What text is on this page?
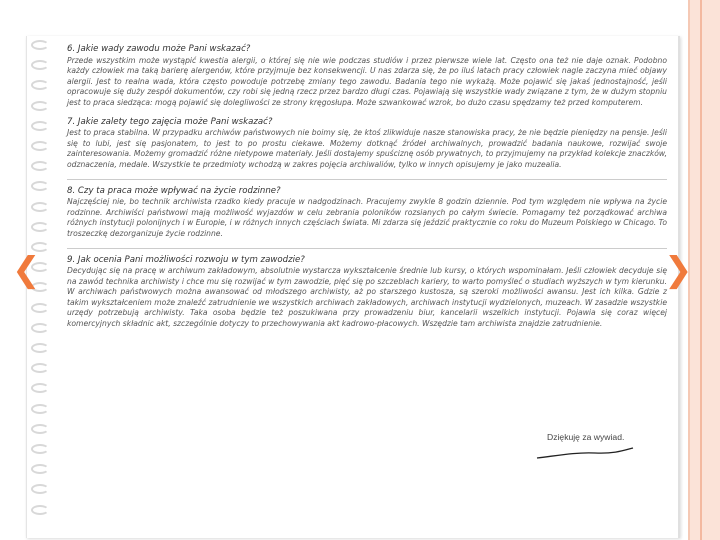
6. Jakie wady zawodu może Pani wskazać?
Przede wszystkim może wystąpić kwestia alergii, o której się nie wie podczas studiów i przez pierwsze wiele lat. Często ona też nie daje oznak. Podobno każdy człowiek ma taką barierę alergenów, które przyjmuje bez konsekwencji. U nas zdarza się, że po iluś latach pracy człowiek nagle zaczyna mieć objawy alergii. Jest to realna wada, która często powoduje potrzebę zmiany tego zawodu. Badania tego nie wykażą. Może pojawić się jakaś jednostajność, jeśli opracowuje się duży zespół dokumentów, czy robi się jedną rzecz przez bardzo długi czas. Pojawiają się wszystkie wady związane z tym, że w dużym stopniu jest to praca siedząca: mogą pojawić się dolegliwości ze strony kręgosłupa. Może szwankować wzrok, bo dużo czasu spędzamy też przed komputerem.
7. Jakie zalety tego zajęcia może Pani wskazać?
Jest to praca stabilna. W przypadku archiwów państwowych nie boimy się, że ktoś zlikwiduje nasze stanowiska pracy, że nie będzie pieniędzy na pensje. Jeśli się to lubi, jest się pasjonatem, to jest to po prostu ciekawe. Możemy dotknąć źródeł archiwalnych, prowadzić badania naukowe, rozwijać swoje zainteresowania. Możemy gromadzić różne nietypowe materiały. Jeśli dostajemy spuściznę osób prywatnych, to przyjmujemy na przykład kolekcje znaczków, odznaczenia, medale. Wszystkie te przedmioty wchodzą w zakres pojęcia archiwaliów, tylko w innych opisujemy je jako muzealia.
8. Czy ta praca może wpływać na życie rodzinne?
Najczęściej nie, bo technik archiwista rzadko kiedy pracuje w nadgodzinach. Pracujemy zwykle 8 godzin dziennie. Pod tym względem nie wpływa na życie rodzinne. Archiwiści państwowi mają możliwość wyjazdów w celu zebrania poloników rozsianych po całym świecie. Pomagamy też porządkować archiwa różnych instytucji polonijnych i w Europie, i w różnych innych częściach świata. Mi zdarza się jeździć praktycznie co roku do Muzeum Polskiego w Chicago. To troszeczkę dezorganizuje życie rodzinne.
9. Jak ocenia Pani możliwości rozwoju w tym zawodzie?
Decydując się na pracę w archiwum zakładowym, absolutnie wystarcza wykształcenie średnie lub kursy, o których wspominałam. Jeśli człowiek decyduje się na zawód technika archiwisty i chce mu się rozwijać w tym zawodzie, pięć się po szczeblach kariery, to warto pomyśleć o studiach wyższych w tym kierunku. W archiwach państwowych można awansować od młodszego archiwisty, aż po starszego kustosza, są szeroki możliwości awansu. Jest ich kilka. Gdzie z takim wykształceniem może znaleźć zatrudnienie we wszystkich archiwach zakładowych, archiwach instytucji wydzielonych, muzeach. W zasadzie wszystkie urzędy potrzebują archiwisty. Taka osoba będzie też poszukiwana przy prowadzeniu biur, kancelarii wszelkich instytucji. Pojawia się coraz więcej komercyjnych składnic akt, szczególnie dotyczy to przechowywania akt kadrowo-płacowych. Wszędzie tam archiwista znajdzie zatrudnienie.
Dziękuję za wywiad.
❮	❯
